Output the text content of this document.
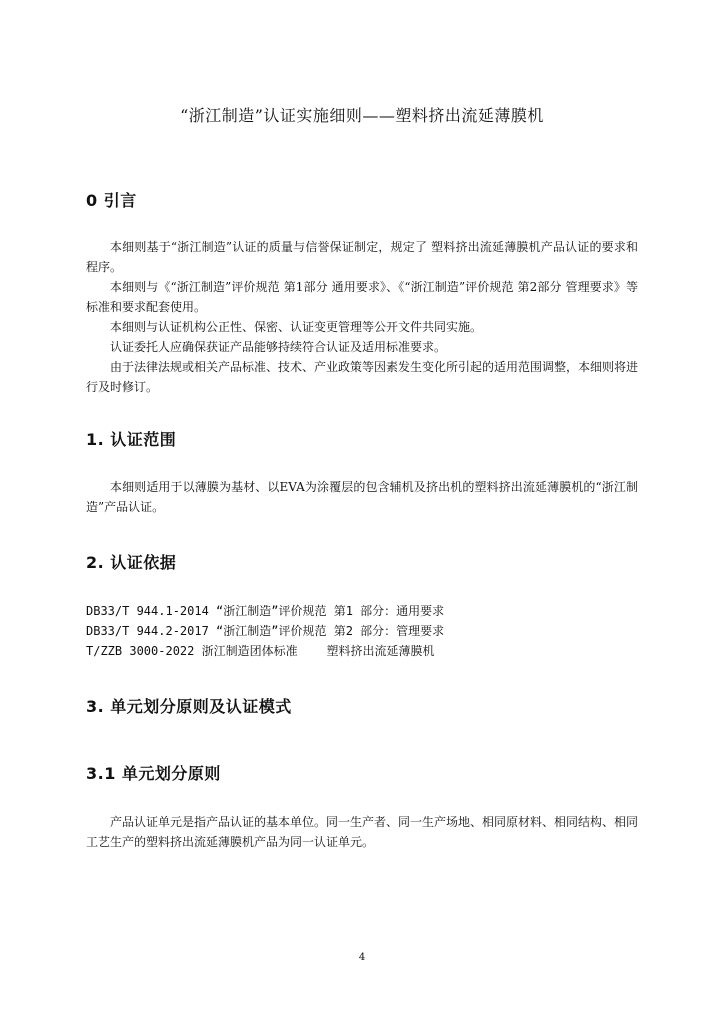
“浙江制造”认证实施细则——塑料挤出流延薄膜机
0 引言

本细则基于“浙江制造”认证的质量与信誉保证制定，规定了 塑料挤出流延薄膜机产品认证的要求和程序。

本细则与《“浙江制造”评价规范 第1部分 通用要求》、《“浙江制造”评价规范 第2部分 管理要求》等标准和要求配套使用。

本细则与认证机构公正性、保密、认证变更管理等公开文件共同实施。

认证委托人应确保获证产品能够持续符合认证及适用标准要求。

由于法律法规或相关产品标准、技术、产业政策等因素发生变化所引起的适用范围调整，本细则将进行及时修订。

1. 认证范围

本细则适用于以薄膜为基材、以EVA为涂覆层的包含辅机及挤出机的塑料挤出流延薄膜机的“浙江制造”产品认证。

2. 认证依据
DB33/T 944.1-2014 “浙江制造”评价规范 第1 部分：通用要求
DB33/T 944.2-2017 “浙江制造”评价规范 第2 部分：管理要求
T/ZZB 3000-2022 浙江制造团体标准    塑料挤出流延薄膜机
3. 单元划分原则及认证模式
3.1 单元划分原则

产品认证单元是指产品认证的基本单位。同一生产者、同一生产场地、相同原材料、相同结构、相同工艺生产的塑料挤出流延薄膜机产品为同一认证单元。

4
